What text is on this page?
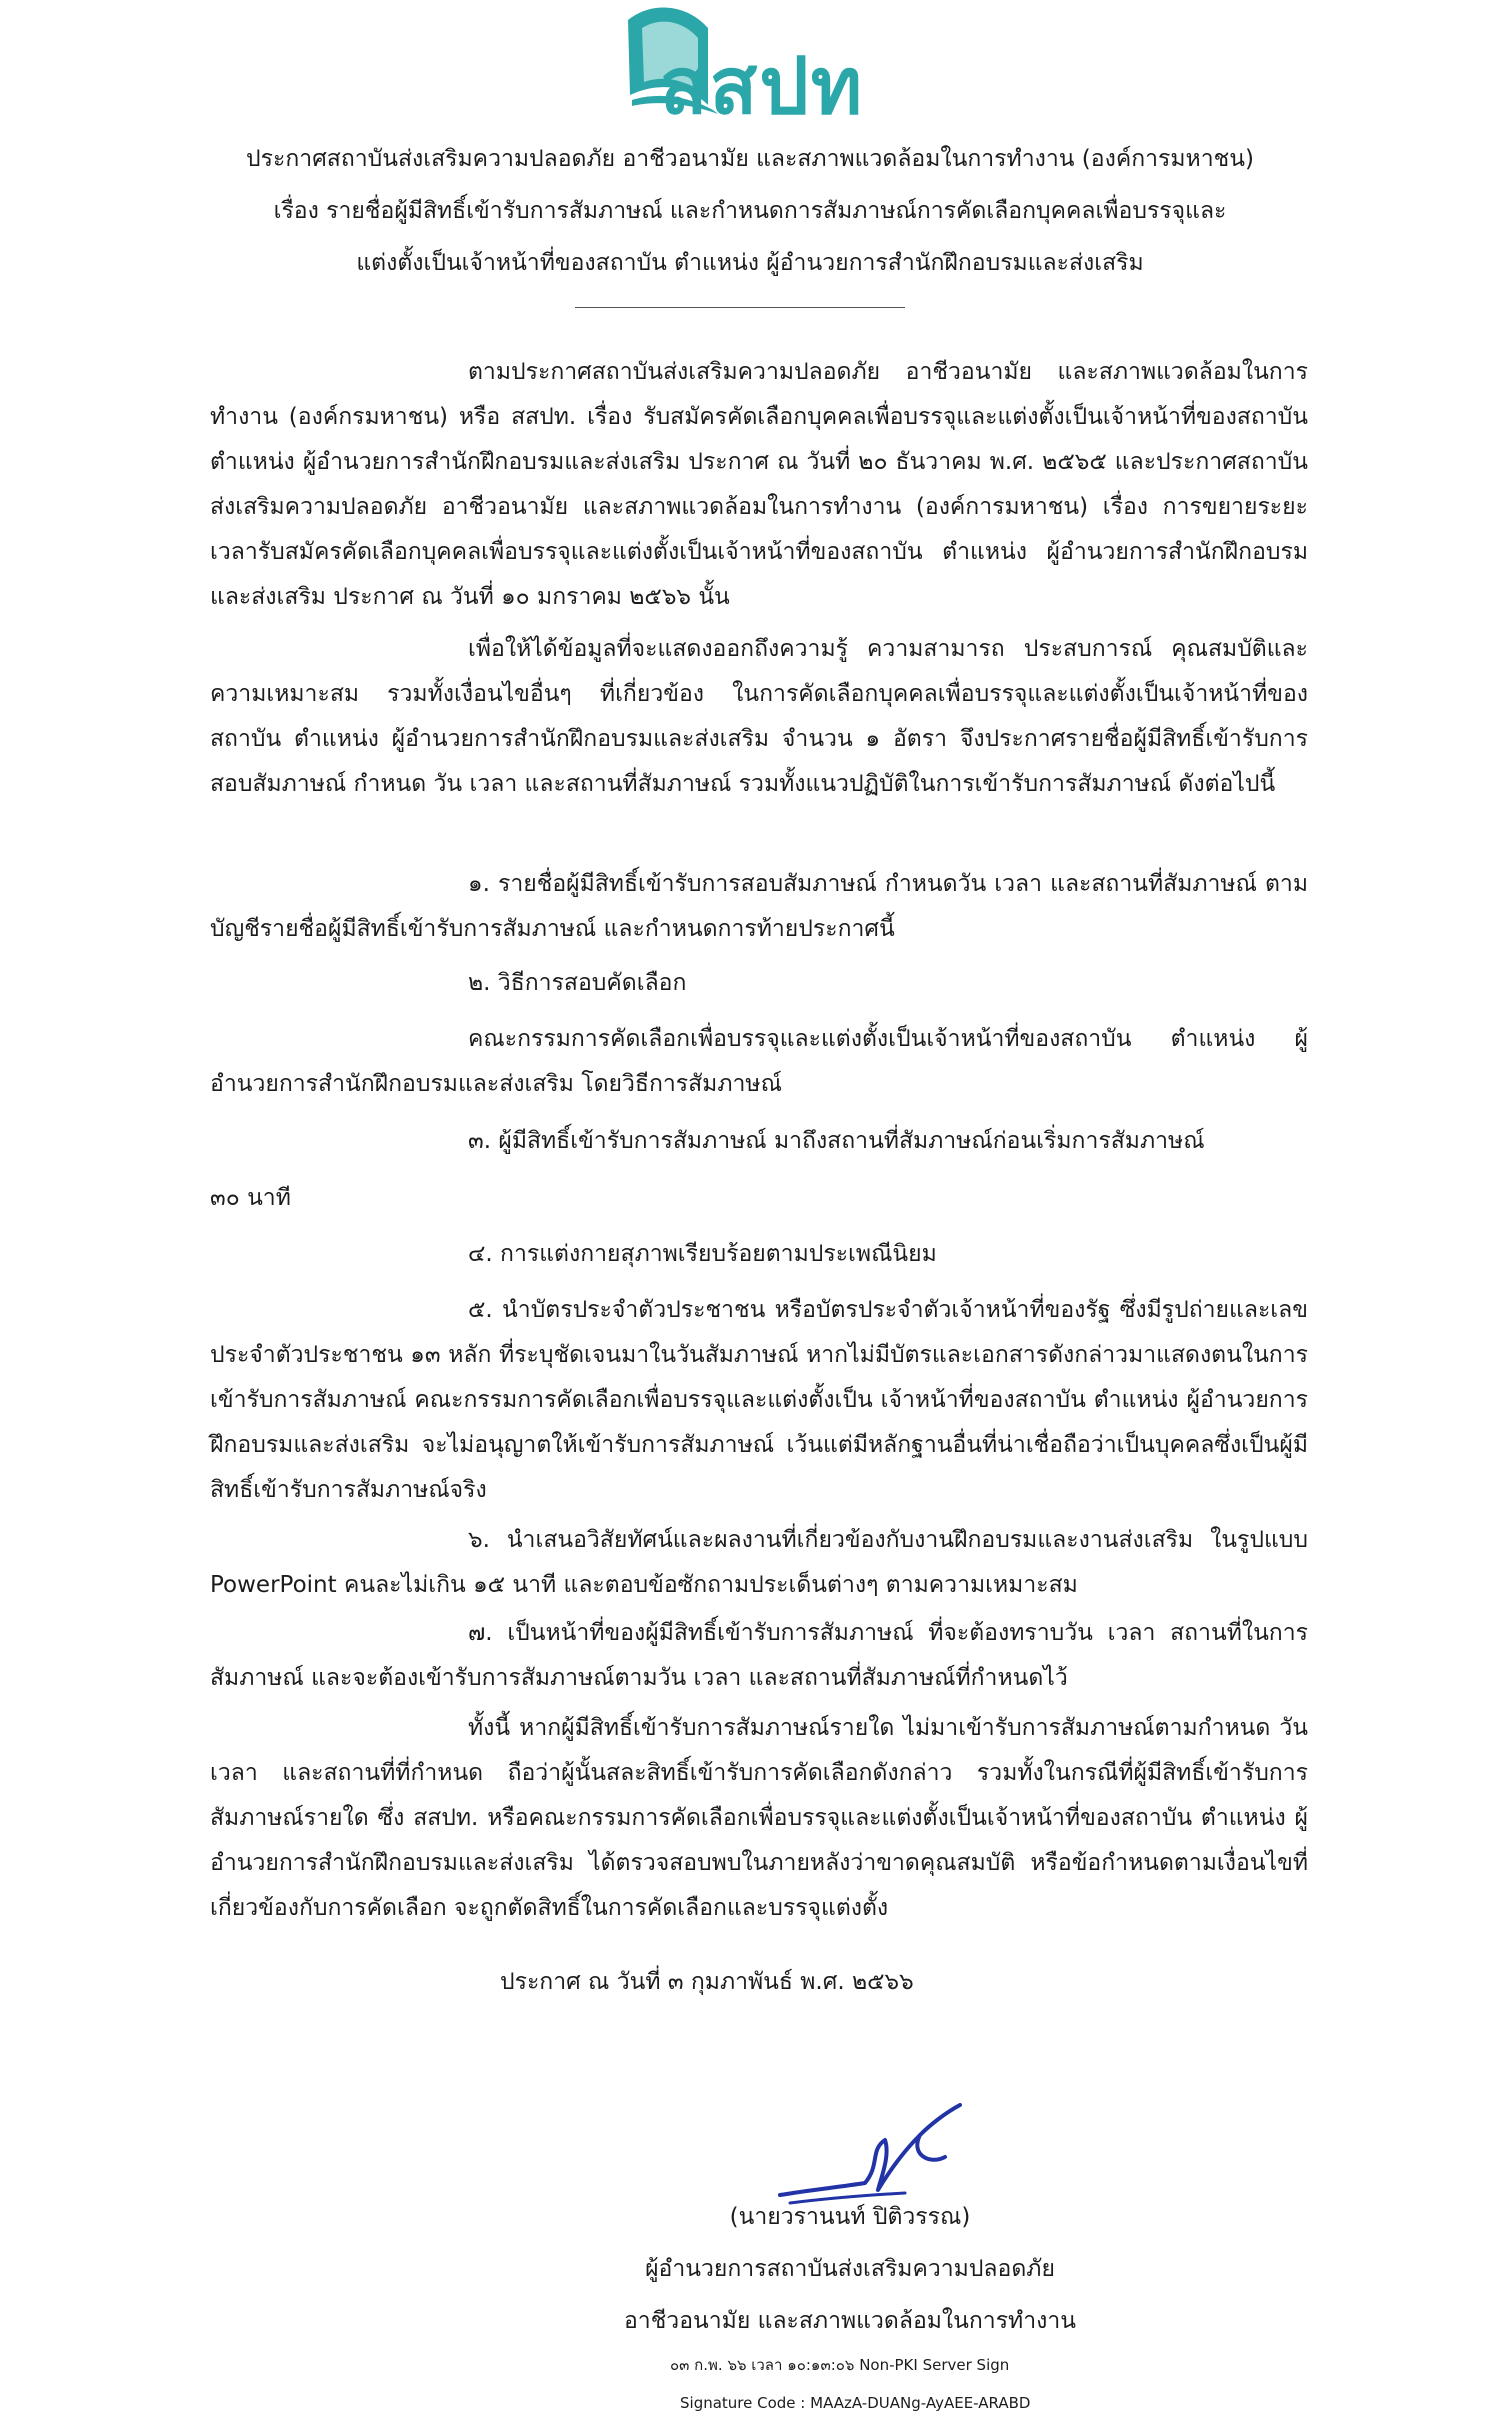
สสปท
ประกาศสถาบันส่งเสริมความปลอดภัย อาชีวอนามัย และสภาพแวดล้อมในการทำงาน (องค์การมหาชน)
เรื่อง รายชื่อผู้มีสิทธิ์เข้ารับการสัมภาษณ์ และกำหนดการสัมภาษณ์การคัดเลือกบุคคลเพื่อบรรจุและ
แต่งตั้งเป็นเจ้าหน้าที่ของสถาบัน ตำแหน่ง ผู้อำนวยการสำนักฝึกอบรมและส่งเสริม

ตามประกาศสถาบันส่งเสริมความปลอดภัย อาชีวอนามัย และสภาพแวดล้อมในการทำงาน (องค์กรมหาชน) หรือ สสปท. เรื่อง รับสมัครคัดเลือกบุคคลเพื่อบรรจุและแต่งตั้งเป็นเจ้าหน้าที่ของสถาบัน ตำแหน่ง ผู้อำนวยการสำนักฝึกอบรมและส่งเสริม ประกาศ ณ วันที่ ๒๐ ธันวาคม พ.ศ. ๒๕๖๕ และประกาศสถาบันส่งเสริมความปลอดภัย อาชีวอนามัย และสภาพแวดล้อมในการทำงาน (องค์การมหาชน) เรื่อง การขยายระยะเวลารับสมัครคัดเลือกบุคคลเพื่อบรรจุและแต่งตั้งเป็นเจ้าหน้าที่ของสถาบัน ตำแหน่ง ผู้อำนวยการสำนักฝึกอบรมและส่งเสริม ประกาศ ณ วันที่ ๑๐ มกราคม ๒๕๖๖ นั้น

เพื่อให้ได้ข้อมูลที่จะแสดงออกถึงความรู้ ความสามารถ ประสบการณ์ คุณสมบัติและความเหมาะสม รวมทั้งเงื่อนไขอื่นๆ ที่เกี่ยวข้อง ในการคัดเลือกบุคคลเพื่อบรรจุและแต่งตั้งเป็นเจ้าหน้าที่ของสถาบัน ตำแหน่ง ผู้อำนวยการสำนักฝึกอบรมและส่งเสริม จำนวน ๑ อัตรา จึงประกาศรายชื่อผู้มีสิทธิ์เข้ารับการสอบสัมภาษณ์ กำหนด วัน เวลา และสถานที่สัมภาษณ์ รวมทั้งแนวปฏิบัติในการเข้ารับการสัมภาษณ์ ดังต่อไปนี้

๑. รายชื่อผู้มีสิทธิ์เข้ารับการสอบสัมภาษณ์ กำหนดวัน เวลา และสถานที่สัมภาษณ์ ตามบัญชีรายชื่อผู้มีสิทธิ์เข้ารับการสัมภาษณ์ และกำหนดการท้ายประกาศนี้

๒. วิธีการสอบคัดเลือก

คณะกรรมการคัดเลือกเพื่อบรรจุและแต่งตั้งเป็นเจ้าหน้าที่ของสถาบัน ตำแหน่ง ผู้อำนวยการสำนักฝึกอบรมและส่งเสริม โดยวิธีการสัมภาษณ์

๓. ผู้มีสิทธิ์เข้ารับการสัมภาษณ์ มาถึงสถานที่สัมภาษณ์ก่อนเริ่มการสัมภาษณ์

๓๐ นาที

๔. การแต่งกายสุภาพเรียบร้อยตามประเพณีนิยม

๕. นำบัตรประจำตัวประชาชน หรือบัตรประจำตัวเจ้าหน้าที่ของรัฐ ซึ่งมีรูปถ่ายและเลขประจำตัวประชาชน ๑๓ หลัก ที่ระบุชัดเจนมาในวันสัมภาษณ์ หากไม่มีบัตรและเอกสารดังกล่าวมาแสดงตนในการเข้ารับการสัมภาษณ์ คณะกรรมการคัดเลือกเพื่อบรรจุและแต่งตั้งเป็น เจ้าหน้าที่ของสถาบัน ตำแหน่ง ผู้อำนวยการฝึกอบรมและส่งเสริม จะไม่อนุญาตให้เข้ารับการสัมภาษณ์ เว้นแต่มีหลักฐานอื่นที่น่าเชื่อถือว่าเป็นบุคคลซึ่งเป็นผู้มีสิทธิ์เข้ารับการสัมภาษณ์จริง

๖. นำเสนอวิสัยทัศน์และผลงานที่เกี่ยวข้องกับงานฝึกอบรมและงานส่งเสริม ในรูปแบบ PowerPoint คนละไม่เกิน ๑๕ นาที และตอบข้อซักถามประเด็นต่างๆ ตามความเหมาะสม

๗. เป็นหน้าที่ของผู้มีสิทธิ์เข้ารับการสัมภาษณ์ ที่จะต้องทราบวัน เวลา สถานที่ในการสัมภาษณ์ และจะต้องเข้ารับการสัมภาษณ์ตามวัน เวลา และสถานที่สัมภาษณ์ที่กำหนดไว้

ทั้งนี้ หากผู้มีสิทธิ์เข้ารับการสัมภาษณ์รายใด ไม่มาเข้ารับการสัมภาษณ์ตามกำหนด วัน เวลา และสถานที่ที่กำหนด ถือว่าผู้นั้นสละสิทธิ์เข้ารับการคัดเลือกดังกล่าว รวมทั้งในกรณีที่ผู้มีสิทธิ์เข้ารับการสัมภาษณ์รายใด ซึ่ง สสปท. หรือคณะกรรมการคัดเลือกเพื่อบรรจุและแต่งตั้งเป็นเจ้าหน้าที่ของสถาบัน ตำแหน่ง ผู้อำนวยการสำนักฝึกอบรมและส่งเสริม ได้ตรวจสอบพบในภายหลังว่าขาดคุณสมบัติ หรือข้อกำหนดตามเงื่อนไขที่เกี่ยวข้องกับการคัดเลือก จะถูกตัดสิทธิ์ในการคัดเลือกและบรรจุแต่งตั้ง

ประกาศ ณ วันที่ ๓ กุมภาพันธ์ พ.ศ. ๒๕๖๖
(นายวรานนท์ ปิติวรรณ)
ผู้อำนวยการสถาบันส่งเสริมความปลอดภัย
อาชีวอนามัย และสภาพแวดล้อมในการทำงาน
๐๓ ก.พ. ๖๖ เวลา ๑๐:๑๓:๐๖ Non-PKI Server Sign
Signature Code : MAAzA-DUANg-AyAEE-ARABD
